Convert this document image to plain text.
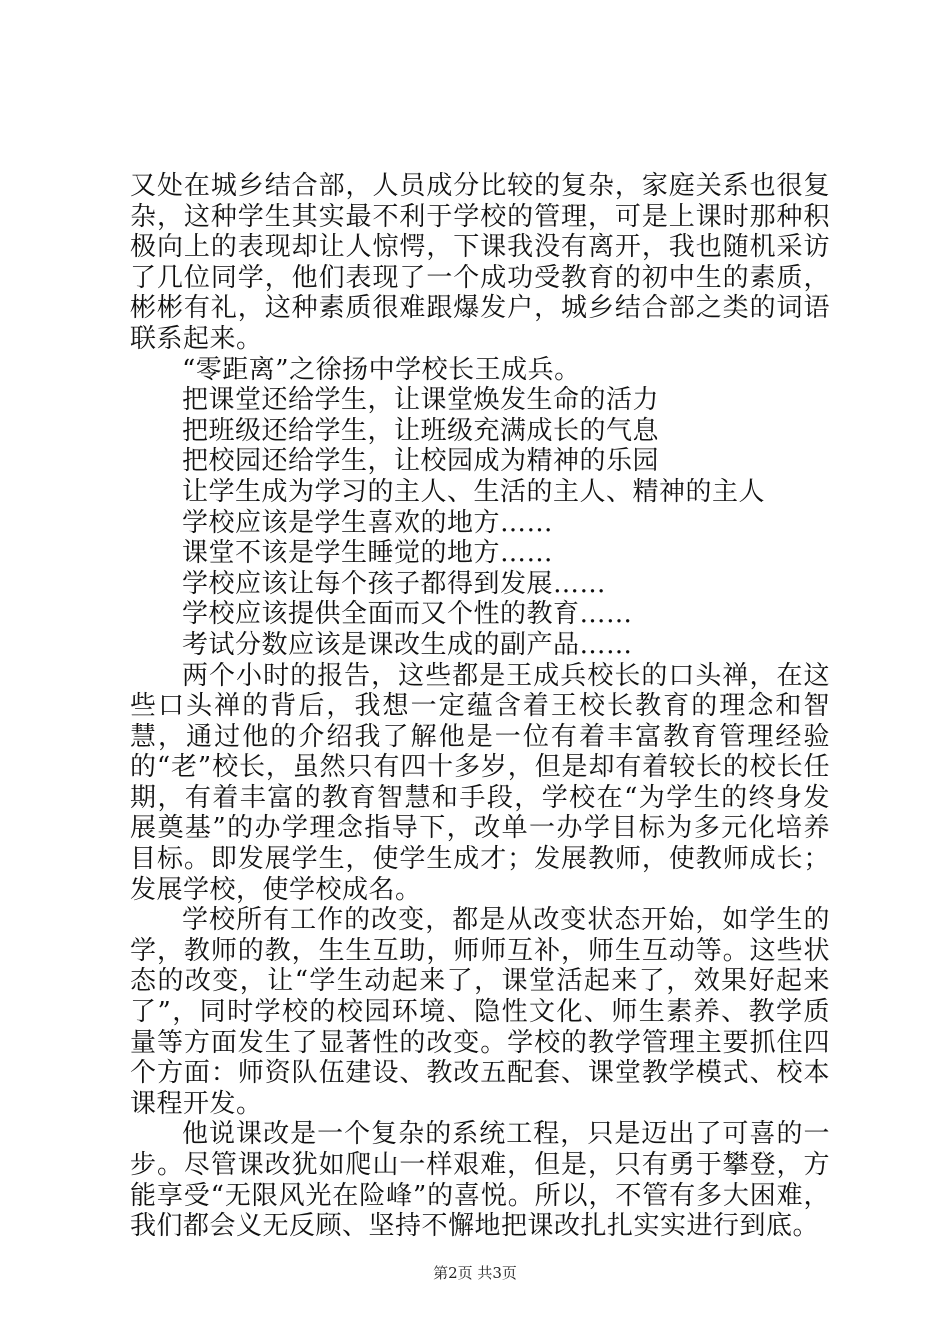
又处在城乡结合部，人员成分比较的复杂，家庭关系也很复杂，这种学生其实最不利于学校的管理，可是上课时那种积极向上的表现却让人惊愕，下课我没有离开，我也随机采访了几位同学，他们表现了一个成功受教育的初中生的素质，彬彬有礼，这种素质很难跟爆发户，城乡结合部之类的词语联系起来。

“零距离”之徐扬中学校长王成兵。

把课堂还给学生，让课堂焕发生命的活力

把班级还给学生，让班级充满成长的气息

把校园还给学生，让校园成为精神的乐园

让学生成为学习的主人、生活的主人、精神的主人

学校应该是学生喜欢的地方……

课堂不该是学生睡觉的地方……

学校应该让每个孩子都得到发展……

学校应该提供全面而又个性的教育……

考试分数应该是课改生成的副产品……

两个小时的报告，这些都是王成兵校长的口头禅，在这些口头禅的背后，我想一定蕴含着王校长教育的理念和智慧，通过他的介绍我了解他是一位有着丰富教育管理经验的“老”校长，虽然只有四十多岁，但是却有着较长的校长任期，有着丰富的教育智慧和手段，学校在“为学生的终身发展奠基”的办学理念指导下，改单一办学目标为多元化培养目标。即发展学生，使学生成才；发展教师，使教师成长；发展学校，使学校成名。

学校所有工作的改变，都是从改变状态开始，如学生的学，教师的教，生生互助，师师互补，师生互动等。这些状态的改变，让“学生动起来了，课堂活起来了，效果好起来了”，同时学校的校园环境、隐性文化、师生素养、教学质量等方面发生了显著性的改变。学校的教学管理主要抓住四个方面：师资队伍建设、教改五配套、课堂教学模式、校本课程开发。

他说课改是一个复杂的系统工程，只是迈出了可喜的一步。尽管课改犹如爬山一样艰难，但是，只有勇于攀登，方能享受“无限风光在险峰”的喜悦。所以，不管有多大困难，我们都会义无反顾、坚持不懈地把课改扎扎实实进行到底。

第2页 共3页
